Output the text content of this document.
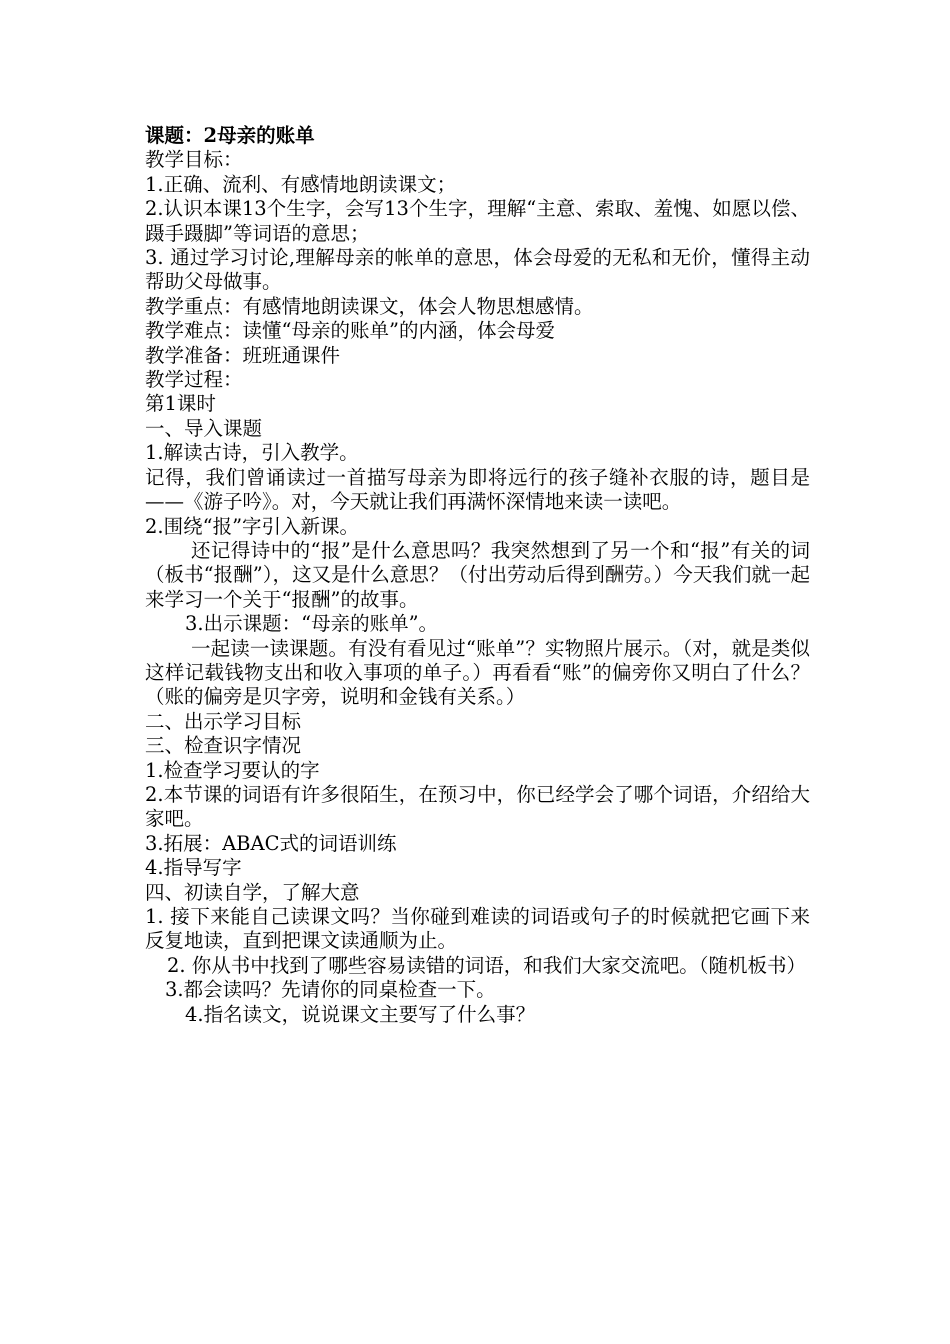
课题：2母亲的账单

教学目标：

1.正确、流利、有感情地朗读课文；

2.认识本课13个生字，会写13个生字，理解“主意、索取、羞愧、如愿以偿、蹑手蹑脚”等词语的意思；

3. 通过学习讨论,理解母亲的帐单的意思，体会母爱的无私和无价，懂得主动帮助父母做事。

教学重点：有感情地朗读课文，体会人物思想感情。

教学难点：读懂“母亲的账单”的内涵，体会母爱

教学准备：班班通课件

教学过程：

第1课时

一、导入课题

1.解读古诗，引入教学。

记得，我们曾诵读过一首描写母亲为即将远行的孩子缝补衣服的诗，题目是——《游子吟》。对，今天就让我们再满怀深情地来读一读吧。

2.围绕“报”字引入新课。

还记得诗中的“报”是什么意思吗？我突然想到了另一个和“报”有关的词（板书“报酬”），这又是什么意思？（付出劳动后得到酬劳。）今天我们就一起来学习一个关于“报酬”的故事。

3.出示课题：“母亲的账单”。

一起读一读课题。有没有看见过“账单”？实物照片展示。（对，就是类似这样记载钱物支出和收入事项的单子。）再看看“账”的偏旁你又明白了什么？（账的偏旁是贝字旁，说明和金钱有关系。）

二、出示学习目标

三、检查识字情况

1.检查学习要认的字

2.本节课的词语有许多很陌生，在预习中，你已经学会了哪个词语，介绍给大家吧。

3.拓展：ABAC式的词语训练

4.指导写字

四、初读自学，了解大意

1. 接下来能自己读课文吗？当你碰到难读的词语或句子的时候就把它画下来反复地读，直到把课文读通顺为止。

2. 你从书中找到了哪些容易读错的词语，和我们大家交流吧。（随机板书）

3.都会读吗？先请你的同桌检查一下。

4.指名读文，说说课文主要写了什么事？
